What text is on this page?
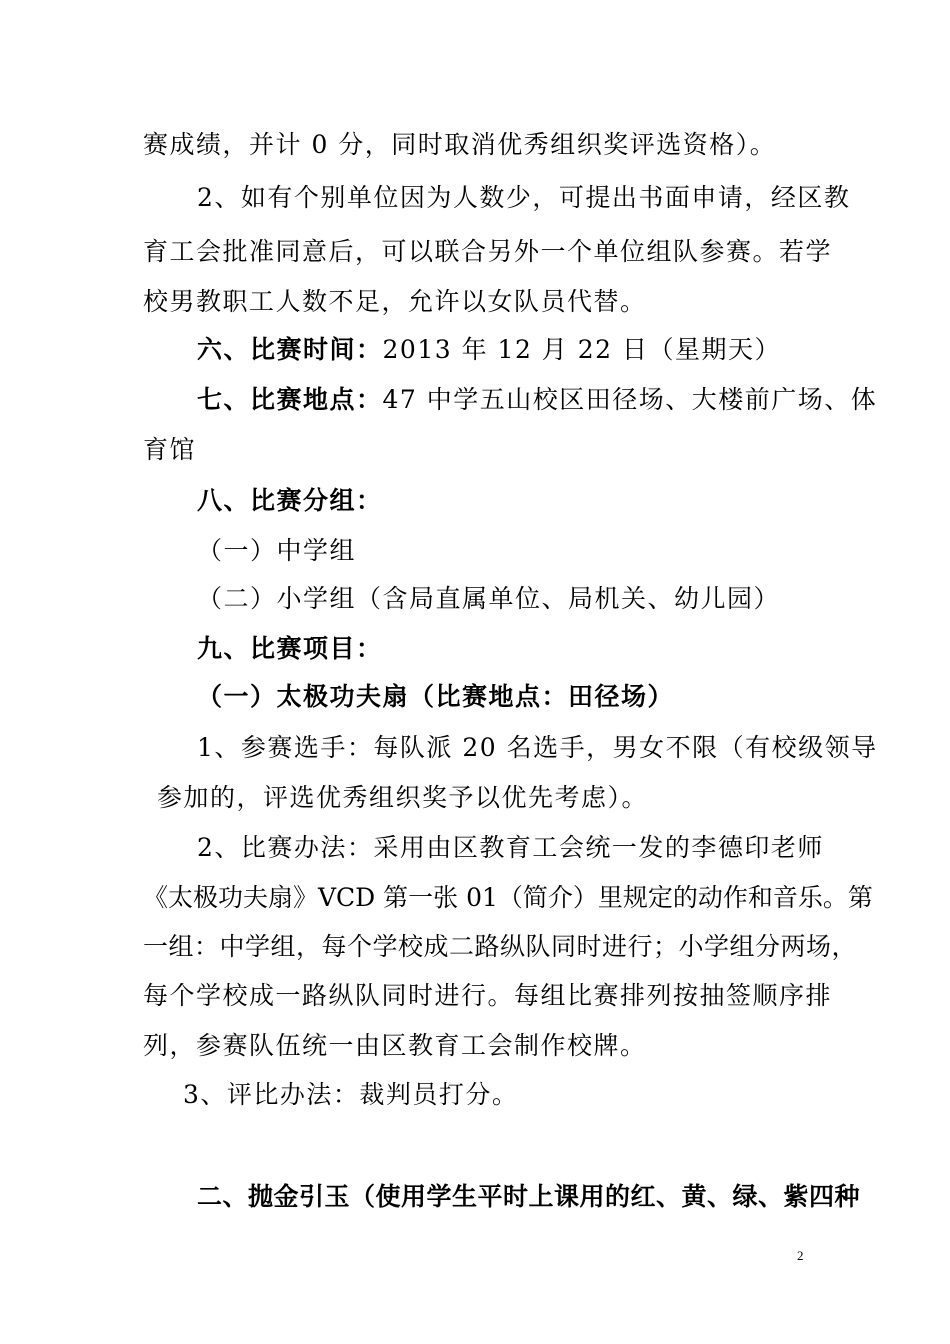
赛成绩，并计 0 分，同时取消优秀组织奖评选资格）。
2、如有个别单位因为人数少，可提出书面申请，经区教
育工会批准同意后，可以联合另外一个单位组队参赛。若学
校男教职工人数不足，允许以女队员代替。
六、比赛时间：2013 年 12 月 22 日（星期天）
七、比赛地点：47 中学五山校区田径场、大楼前广场、体
育馆
八、比赛分组：
（一）中学组
（二）小学组（含局直属单位、局机关、幼儿园）
九、比赛项目：
（一）太极功夫扇（比赛地点：田径场）
1、参赛选手：每队派 20 名选手，男女不限（有校级领导
参加的，评选优秀组织奖予以优先考虑）。
2、比赛办法：采用由区教育工会统一发的李德印老师
《太极功夫扇》VCD 第一张 01（简介）里规定的动作和音乐。第
一组：中学组，每个学校成二路纵队同时进行；小学组分两场，
每个学校成一路纵队同时进行。每组比赛排列按抽签顺序排
列，参赛队伍统一由区教育工会制作校牌。
3、评比办法：裁判员打分。
二、抛金引玉（使用学生平时上课用的红、黄、绿、紫四种
2
